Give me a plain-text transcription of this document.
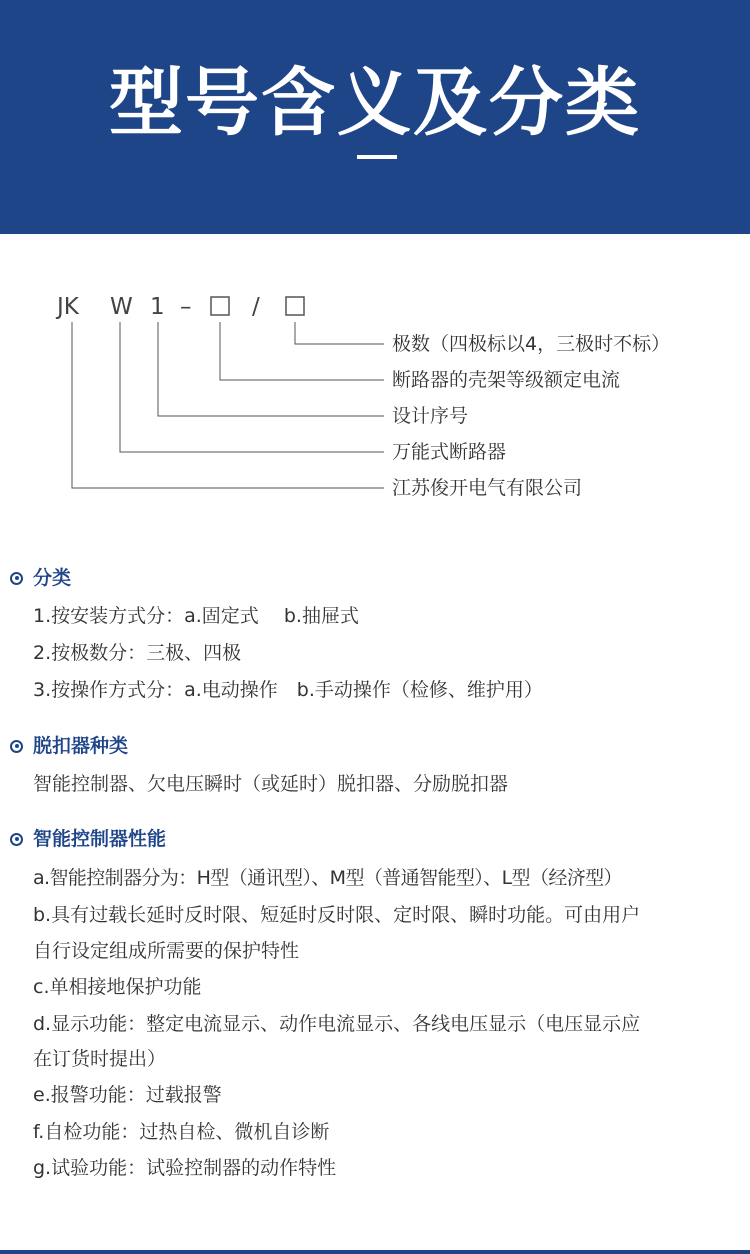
型号含义及分类
JK W 1 –	/
极数（四极标以4，三极时不标）
断路器的壳架等级额定电流
设计序号
万能式断路器
江苏俊开电气有限公司
分类
1.按安装方式分：a.固定式　 b.抽屉式
2.按极数分：三极、四极
3.按操作方式分：a.电动操作　b.手动操作（检修、维护用）
脱扣器种类
智能控制器、欠电压瞬时（或延时）脱扣器、分励脱扣器
智能控制器性能
a.智能控制器分为：H型（通讯型）、M型（普通智能型）、L型（经济型）
b.具有过载长延时反时限、短延时反时限、定时限、瞬时功能。可由用户
自行设定组成所需要的保护特性
c.单相接地保护功能
d.显示功能：整定电流显示、动作电流显示、各线电压显示（电压显示应
在订货时提出）
e.报警功能：过载报警
f.自检功能：过热自检、微机自诊断
g.试验功能：试验控制器的动作特性
